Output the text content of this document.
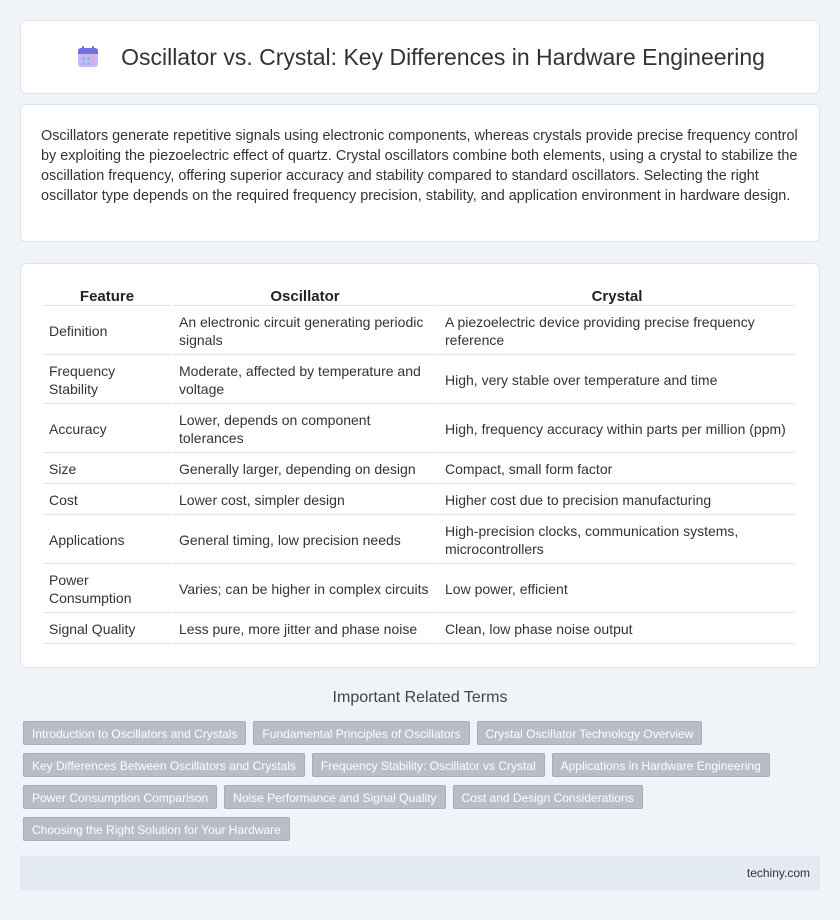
Oscillator vs. Crystal: Key Differences in Hardware Engineering

Oscillators generate repetitive signals using electronic components, whereas crystals provide precise frequency control by exploiting the piezoelectric effect of quartz. Crystal oscillators combine both elements, using a crystal to stabilize the oscillation frequency, offering superior accuracy and stability compared to standard oscillators. Selecting the right oscillator type depends on the required frequency precision, stability, and application environment in hardware design.

Feature	Oscillator	Crystal
Definition	An electronic circuit generating periodic signals	A piezoelectric device providing precise frequency reference
Frequency Stability	Moderate, affected by temperature and voltage	High, very stable over temperature and time
Accuracy	Lower, depends on component tolerances	High, frequency accuracy within parts per million (ppm)
Size	Generally larger, depending on design	Compact, small form factor
Cost	Lower cost, simpler design	Higher cost due to precision manufacturing
Applications	General timing, low precision needs	High-precision clocks, communication systems, microcontrollers
Power Consumption	Varies; can be higher in complex circuits	Low power, efficient
Signal Quality	Less pure, more jitter and phase noise	Clean, low phase noise output
Important Related Terms
Introduction to Oscillators and Crystals	Fundamental Principles of Oscillators	Crystal Oscillator Technology Overview
Key Differences Between Oscillators and Crystals	Frequency Stability: Oscillator vs Crystal	Applications in Hardware Engineering
Power Consumption Comparison	Noise Performance and Signal Quality	Cost and Design Considerations
Choosing the Right Solution for Your Hardware
techiny.com
